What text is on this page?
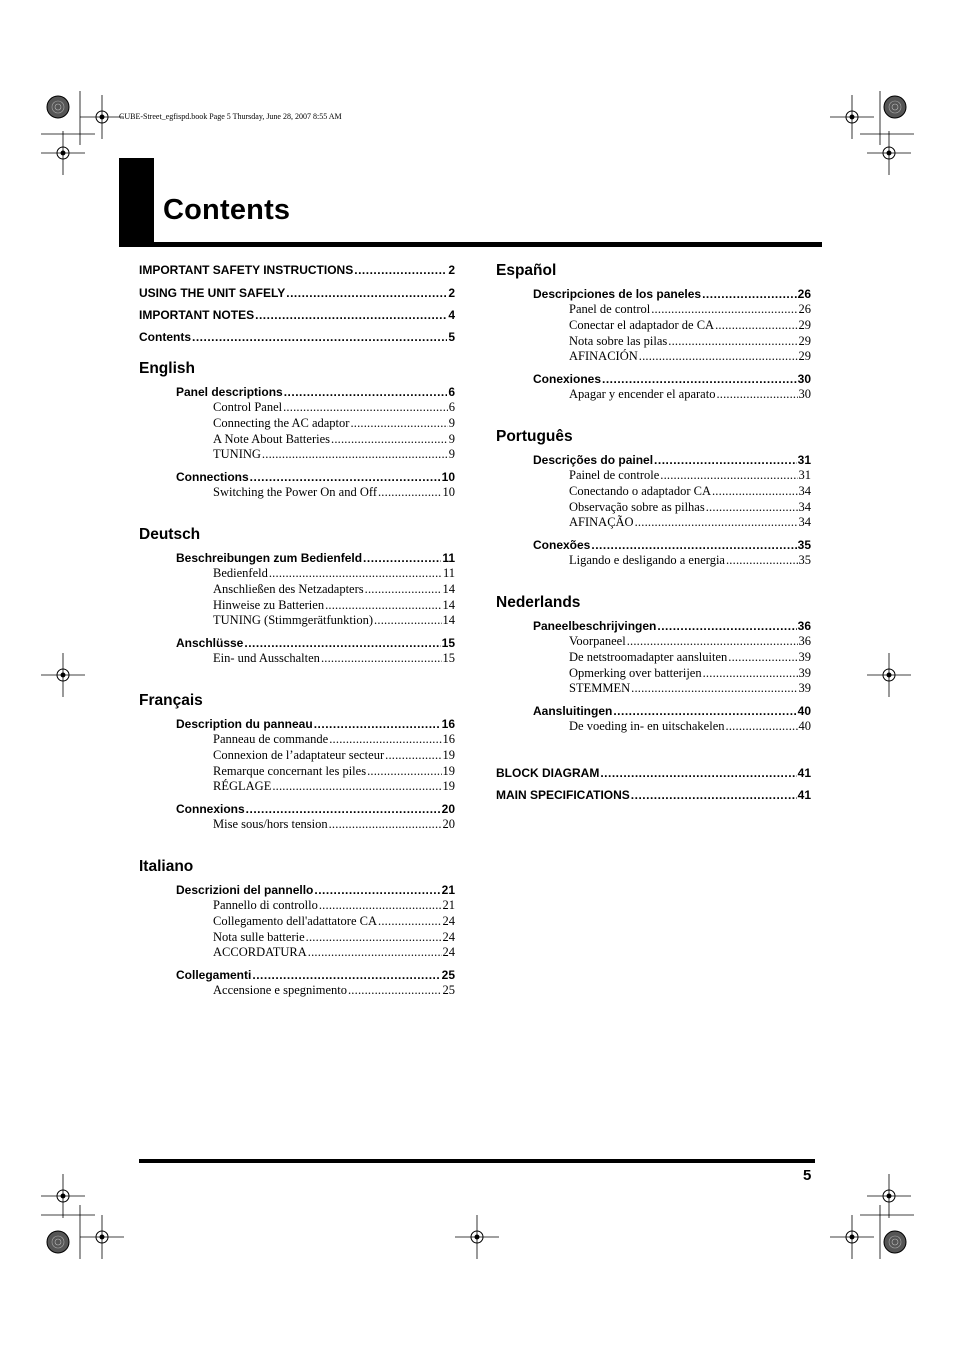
CUBE-Street_egfispd.book Page 5 Thursday, June 28, 2007 8:55 AM
Contents
IMPORTANT SAFETY INSTRUCTIONS .....	2
USING THE UNIT SAFELY .....	2
IMPORTANT NOTES .....	4
Contents .....	5
English
Panel descriptions .....	6
Control Panel .....	6
Connecting the AC adaptor .....	9
A Note About Batteries .....	9
TUNING .....	9
Connections .....	10
Switching the Power On and Off .....	10
Deutsch
Beschreibungen zum Bedienfeld .....	11
Bedienfeld .....	11
Anschließen des Netzadapters .....	14
Hinweise zu Batterien .....	14
TUNING (Stimmgerätfunktion) .....	14
Anschlüsse .....	15
Ein- und Ausschalten .....	15
Français
Description du panneau .....	16
Panneau de commande .....	16
Connexion de l’adaptateur secteur .....	19
Remarque concernant les piles .....	19
RÉGLAGE .....	19
Connexions .....	20
Mise sous/hors tension .....	20
Italiano
Descrizioni del pannello .....	21
Pannello di controllo .....	21
Collegamento dell'adattatore CA .....	24
Nota sulle batterie .....	24
ACCORDATURA .....	24
Collegamenti .....	25
Accensione e spegnimento .....	25
Español
Descripciones de los paneles .....	26
Panel de control .....	26
Conectar el adaptador de CA .....	29
Nota sobre las pilas .....	29
AFINACIÓN .....	29
Conexiones .....	30
Apagar y encender el aparato .....	30
Português
Descrições do painel .....	31
Painel de controle .....	31
Conectando o adaptador CA .....	34
Observação sobre as pilhas .....	34
AFINAÇÃO .....	34
Conexões .....	35
Ligando e desligando a energia .....	35
Nederlands
Paneelbeschrijvingen .....	36
Voorpaneel .....	36
De netstroomadapter aansluiten .....	39
Opmerking over batterijen .....	39
STEMMEN .....	39
Aansluitingen .....	40
De voeding in- en uitschakelen .....	40
BLOCK DIAGRAM .....	41
MAIN SPECIFICATIONS .....	41
5
